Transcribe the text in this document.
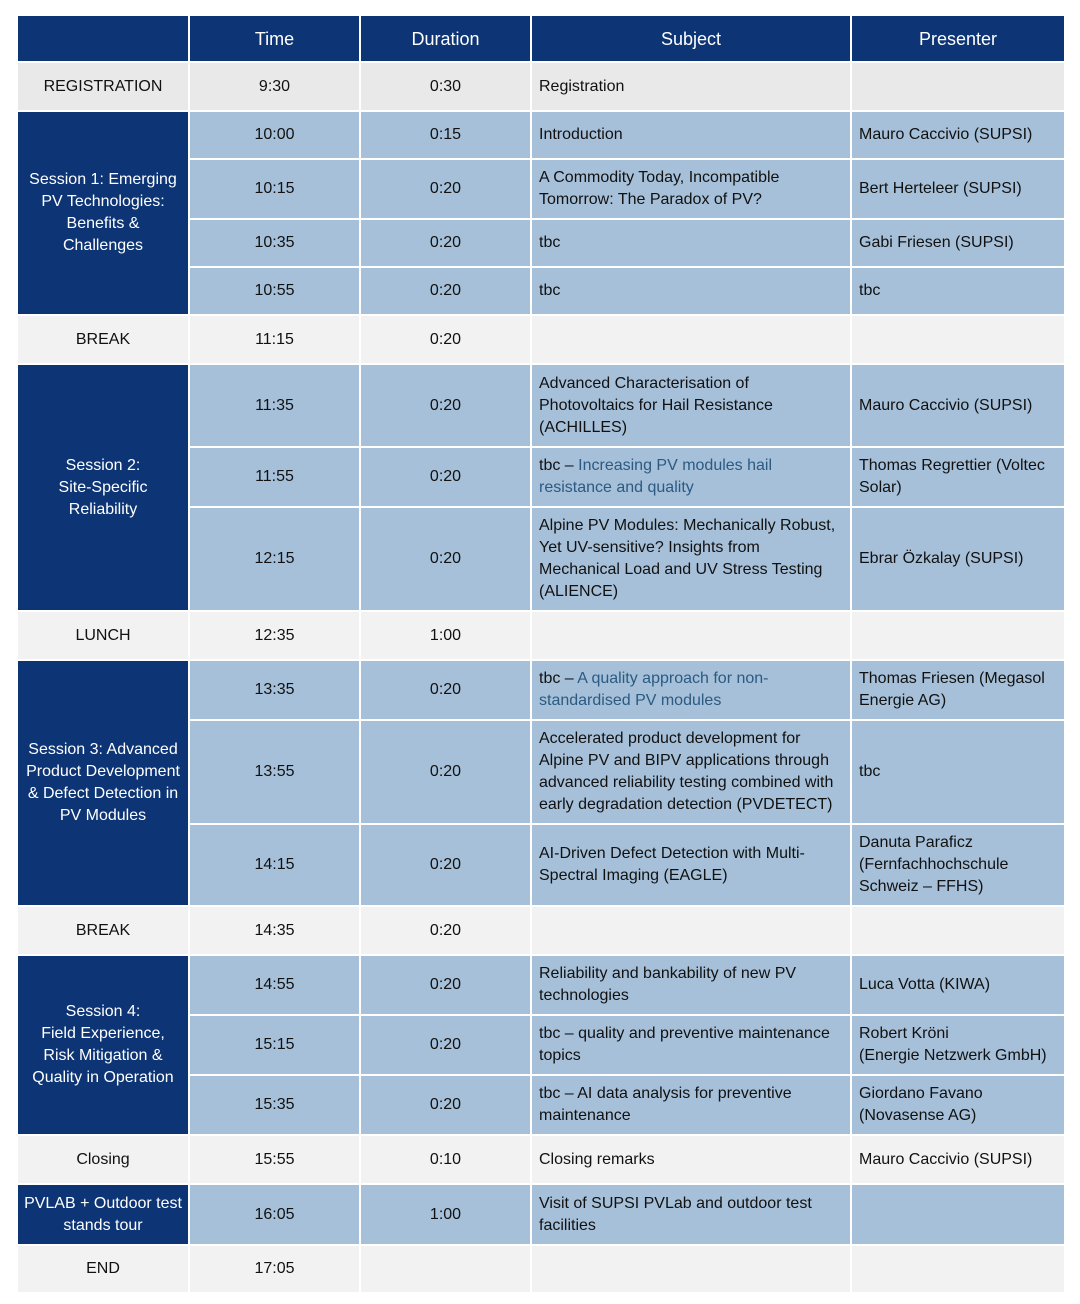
	Time	Duration	Subject	Presenter
REGISTRATION	9:30	0:30	Registration	
Session 1: Emerging
PV Technologies:
Benefits &
Challenges	10:00	0:15	Introduction	Mauro Caccivio (SUPSI)
	10:15	0:20	A Commodity Today, Incompatible Tomorrow: The Paradox of PV?	Bert Herteleer (SUPSI)
	10:35	0:20	tbc	Gabi Friesen (SUPSI)
	10:55	0:20	tbc	tbc
BREAK	11:15	0:20		
Session 2:
Site-Specific
Reliability	11:35	0:20	Advanced Characterisation of Photovoltaics for Hail Resistance (ACHILLES)	Mauro Caccivio (SUPSI)
	11:55	0:20	tbc – Increasing PV modules hail resistance and quality	Thomas Regrettier (Voltec Solar)
	12:15	0:20	Alpine PV Modules: Mechanically Robust, Yet UV-sensitive? Insights from Mechanical Load and UV Stress Testing (ALIENCE)	Ebrar Özkalay (SUPSI)
LUNCH	12:35	1:00		
Session 3: Advanced Product Development & Defect Detection in PV Modules	13:35	0:20	tbc – A quality approach for non-standardised PV modules	Thomas Friesen (Megasol Energie AG)
	13:55	0:20	Accelerated product development for Alpine PV and BIPV applications through advanced reliability testing combined with early degradation detection (PVDETECT)	tbc
	14:15	0:20	AI-Driven Defect Detection with Multi-Spectral Imaging (EAGLE)	Danuta Paraficz (Fernfachhochschule Schweiz – FFHS)
BREAK	14:35	0:20		
Session 4:
Field Experience,
Risk Mitigation &
Quality in Operation	14:55	0:20	Reliability and bankability of new PV technologies	Luca Votta (KIWA)
	15:15	0:20	tbc – quality and preventive maintenance topics	Robert Kröni
(Energie Netzwerk GmbH)
	15:35	0:20	tbc – AI data analysis for preventive maintenance	Giordano Favano
(Novasense AG)
Closing	15:55	0:10	Closing remarks	Mauro Caccivio (SUPSI)
PVLAB + Outdoor test stands tour	16:05	1:00	Visit of SUPSI PVLab and outdoor test facilities	
END	17:05			
